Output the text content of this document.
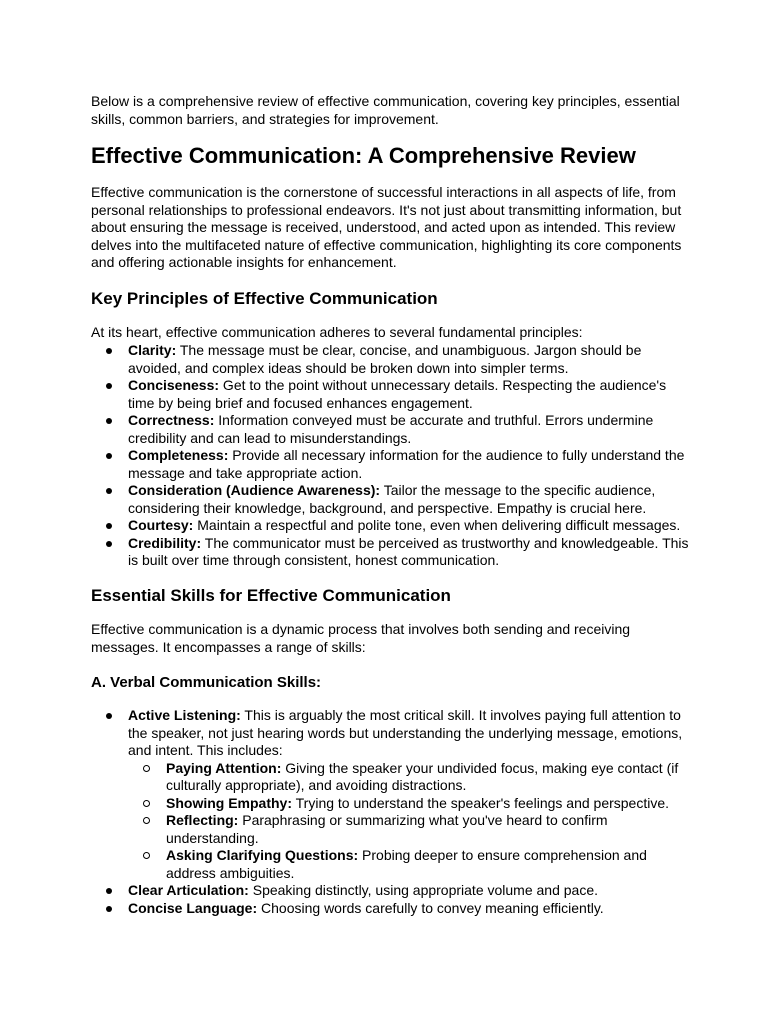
Below is a comprehensive review of effective communication, covering key principles, essential skills, common barriers, and strategies for improvement.

Effective Communication: A Comprehensive Review

Effective communication is the cornerstone of successful interactions in all aspects of life, from personal relationships to professional endeavors. It's not just about transmitting information, but about ensuring the message is received, understood, and acted upon as intended. This review delves into the multifaceted nature of effective communication, highlighting its core components and offering actionable insights for enhancement.

Key Principles of Effective Communication

At its heart, effective communication adheres to several fundamental principles:

Clarity: The message must be clear, concise, and unambiguous. Jargon should be avoided, and complex ideas should be broken down into simpler terms.
Conciseness: Get to the point without unnecessary details. Respecting the audience's time by being brief and focused enhances engagement.
Correctness: Information conveyed must be accurate and truthful. Errors undermine credibility and can lead to misunderstandings.
Completeness: Provide all necessary information for the audience to fully understand the message and take appropriate action.
Consideration (Audience Awareness): Tailor the message to the specific audience, considering their knowledge, background, and perspective. Empathy is crucial here.
Courtesy: Maintain a respectful and polite tone, even when delivering difficult messages.
Credibility: The communicator must be perceived as trustworthy and knowledgeable. This is built over time through consistent, honest communication.
Essential Skills for Effective Communication

Effective communication is a dynamic process that involves both sending and receiving messages. It encompasses a range of skills:

A. Verbal Communication Skills:
Active Listening: This is arguably the most critical skill. It involves paying full attention to the speaker, not just hearing words but understanding the underlying message, emotions, and intent. This includes:
Paying Attention: Giving the speaker your undivided focus, making eye contact (if culturally appropriate), and avoiding distractions.
Showing Empathy: Trying to understand the speaker's feelings and perspective.
Reflecting: Paraphrasing or summarizing what you've heard to confirm understanding.
Asking Clarifying Questions: Probing deeper to ensure comprehension and address ambiguities.
Clear Articulation: Speaking distinctly, using appropriate volume and pace.
Concise Language: Choosing words carefully to convey meaning efficiently.
